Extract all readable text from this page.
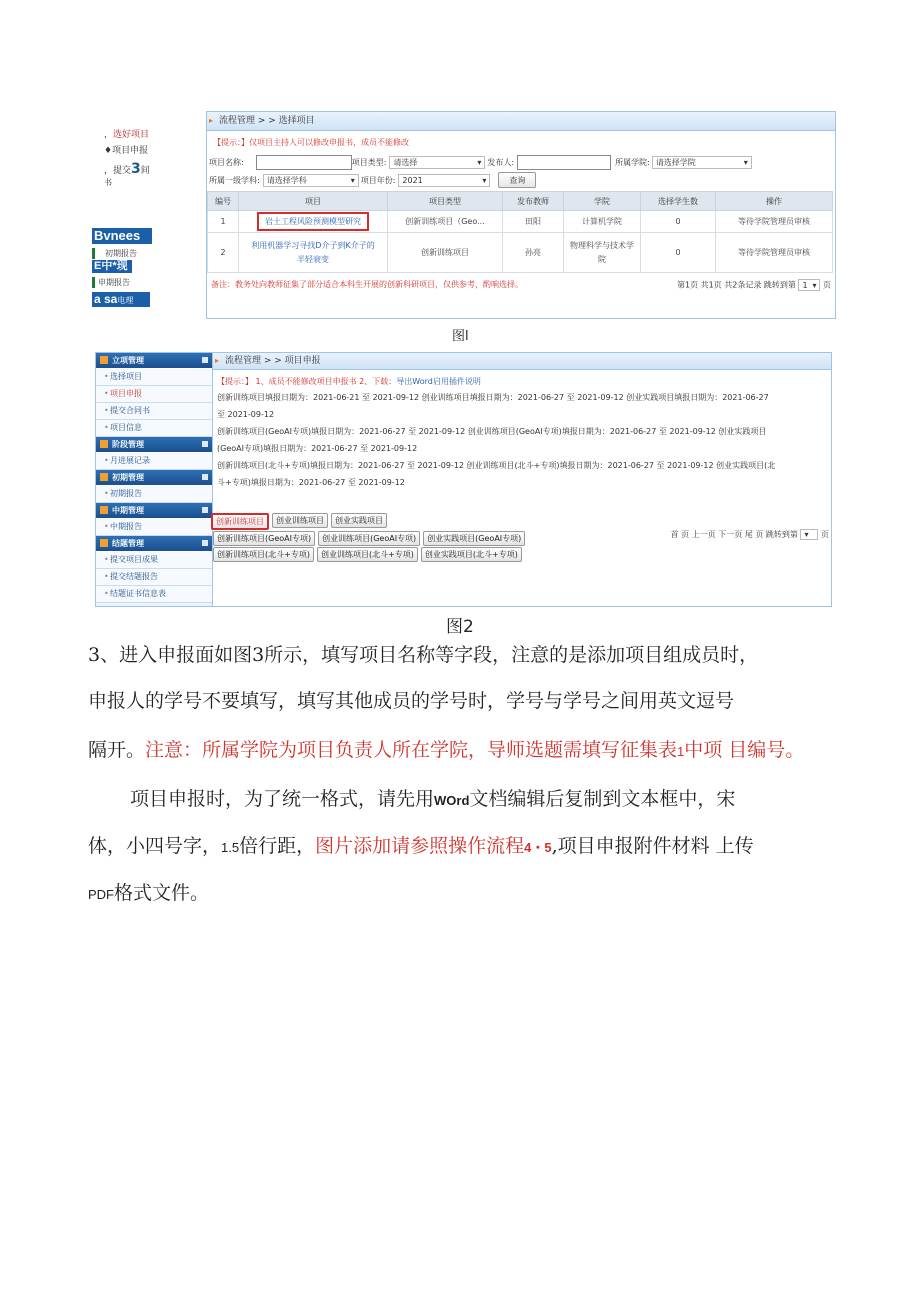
，选好项目
♦项目申报
，提交3间
书
Bvnees
初期报告
E中*现
申期报告
a sa电理
▸ 流程管理 > > 选择项目
【提示：】仅项目主持人可以修改申报书，成员不能修改
项目名称:	项目类型: 请选择	▾ 发布人:	所属学院: 请选择学院	▾
所属一级学科: 请选择学科	▾ 项目年份: 2021	▾	查询
编号	项目	项目类型	发布教师	学院	选择学生数	操作
1	岩土工程风险预测模型研究	创新训练项目（Geo...	田阳	计算机学院	0	等待学院管理员审核
2	利用机器学习寻找D介子到K介子的半轻衰变	创新训练项目	孙亮	物理科学与技术学院	0	等待学院管理员审核
备注：教务处向教师征集了部分适合本科生开展的创新科研项目，仅供参考，酌响选择。	第1页 共1页 共2条记录 跳转到第 1 ▾ 页
图l
立项管理
• 选择项目
• 项目申报
• 提交合同书
• 项目信息
阶段管理
• 月进展记录
初期管理
• 初期报告
中期管理
• 中期报告
结题管理
• 提交项目成果
• 提交结题报告
• 结题证书信息表
▸ 流程管理 > > 项目申报
【提示：】 1、成员不能修改项目申报书 2、下载：导出Word启用插件说明
创新训练项目填报日期为：2021-06-21 至 2021-09-12 创业训练项目填报日期为：2021-06-27 至 2021-09-12 创业实践项目填报日期为：2021-06-27
至 2021-09-12
创新训练项目(GeoAI专项)填报日期为：2021-06-27 至 2021-09-12 创业训练项目(GeoAI专项)填报日期为：2021-06-27 至 2021-09-12 创业实践项目
(GeoAI专项)填报日期为：2021-06-27 至 2021-09-12
创新训练项目(北斗+专项)填报日期为：2021-06-27 至 2021-09-12 创业训练项目(北斗+专项)填报日期为：2021-06-27 至 2021-09-12 创业实践项目(北
斗+专项)填报日期为：2021-06-27 至 2021-09-12
创新训练项目	创业训练项目	创业实践项目
创新训练项目(GeoAI专项)	创业训练项目(GeoAI专项)	创业实践项目(GeoAI专项)
创新训练项目(北斗+专项)	创业训练项目(北斗+专项)	创业实践项目(北斗+专项)
首 页 上一页 下一页 尾 页 跳转到第 ▾ 页
图2
3、进入申报面如图3所示，填写项目名称等字段，注意的是添加项目组成员时，
申报人的学号不要填写，填写其他成员的学号时，学号与学号之间用英文逗号
隔开。注意：所属学院为项目负责人所在学院，导师选题需填写征集表1中项 目编号。
项目申报时，为了统一格式，请先用WOrd文档编辑后复制到文本框中，宋
体，小四号字，1.5倍行距，图片添加请参照操作流程4・5,项目申报附件材料 上传
PDF格式文件。
